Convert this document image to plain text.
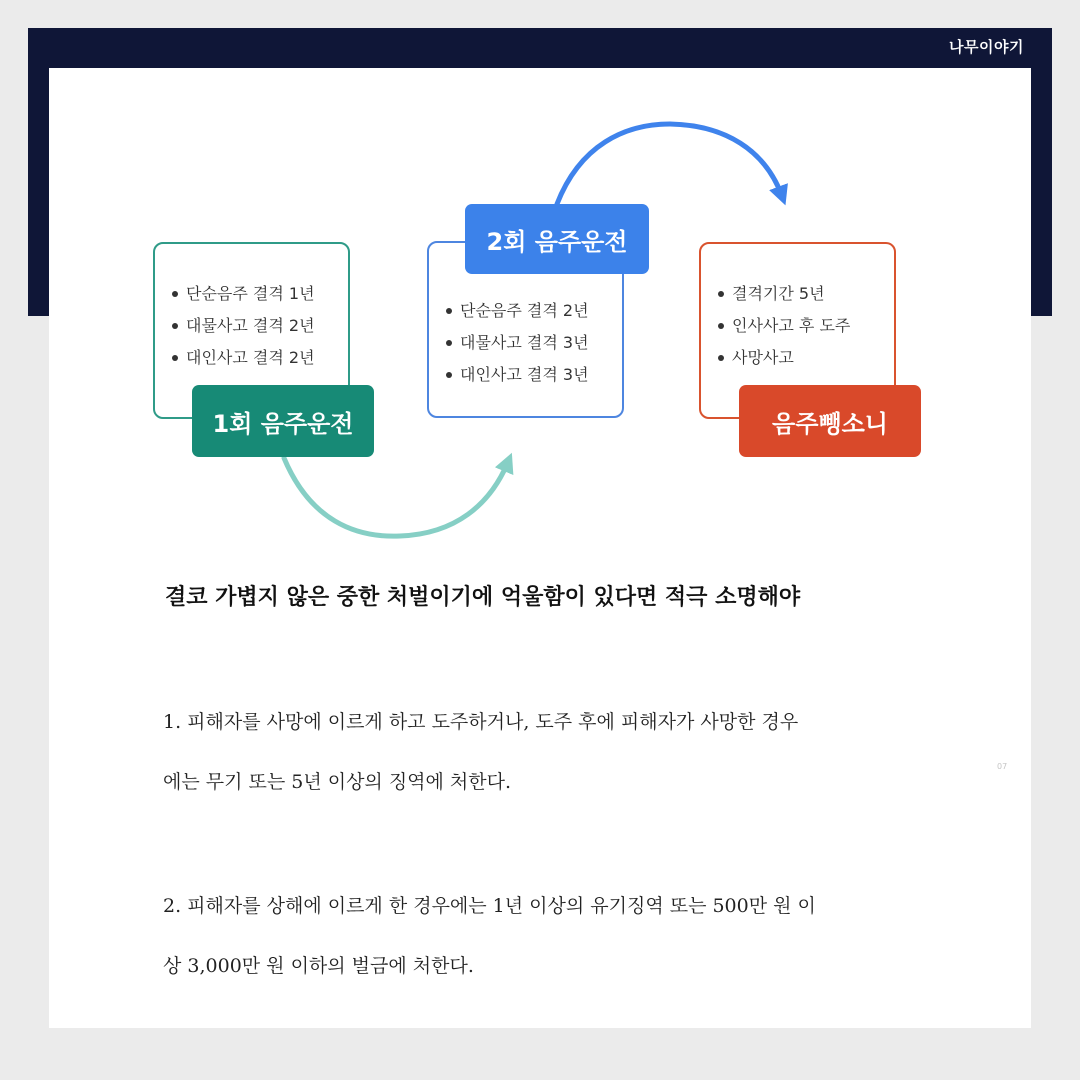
나무이야기
단순음주 결격 1년
대물사고 결격 2년
대인사고 결격 2년
1회 음주운전
단순음주 결격 2년
대물사고 결격 3년
대인사고 결격 3년
2회 음주운전
결격기간 5년
인사사고 후 도주
사망사고
음주뺑소니
결코 가볍지 않은 중한 처벌이기에 억울함이 있다면 적극 소명해야
1. 피해자를 사망에 이르게 하고 도주하거나, 도주 후에 피해자가 사망한 경우
에는 무기 또는 5년 이상의 징역에 처한다.
2. 피해자를 상해에 이르게 한 경우에는 1년 이상의 유기징역 또는 500만 원 이
상 3,000만 원 이하의 벌금에 처한다.
07
